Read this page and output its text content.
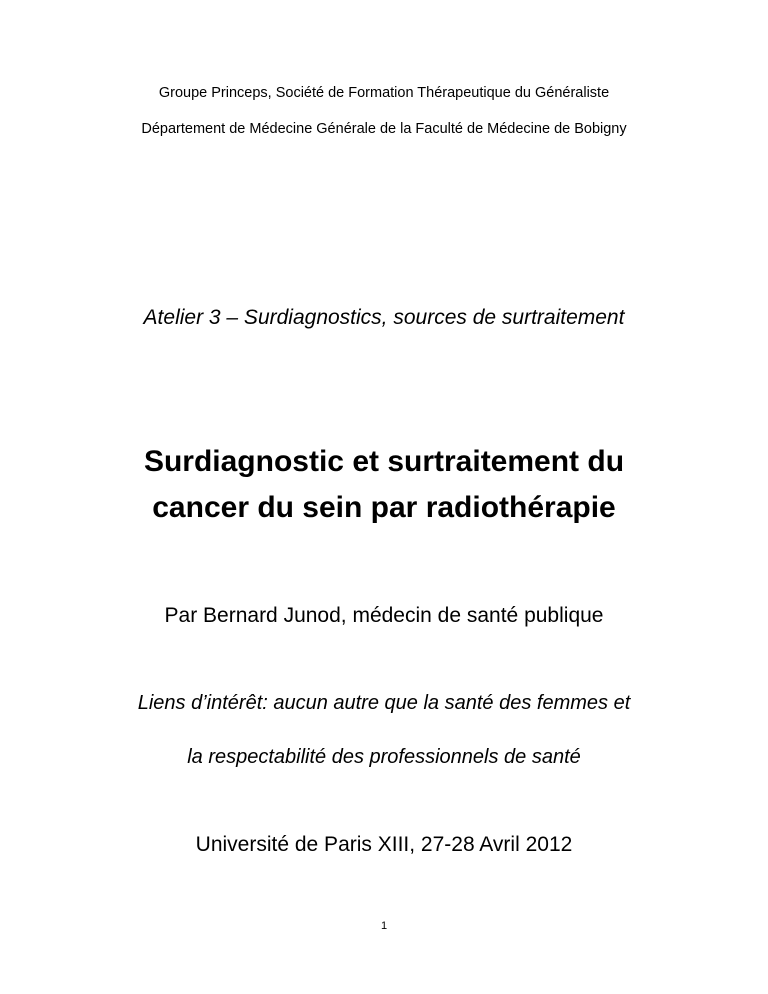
Groupe Princeps, Société de Formation Thérapeutique du Généraliste
Département de Médecine Générale de la Faculté de Médecine de Bobigny
Atelier 3 – Surdiagnostics, sources de surtraitement
Surdiagnostic et surtraitement du
cancer du sein par radiothérapie
Par Bernard Junod, médecin de santé publique
Liens d’intérêt: aucun autre que la santé des femmes et
la respectabilité des professionnels de santé
Université de Paris XIII, 27-28 Avril 2012
1
